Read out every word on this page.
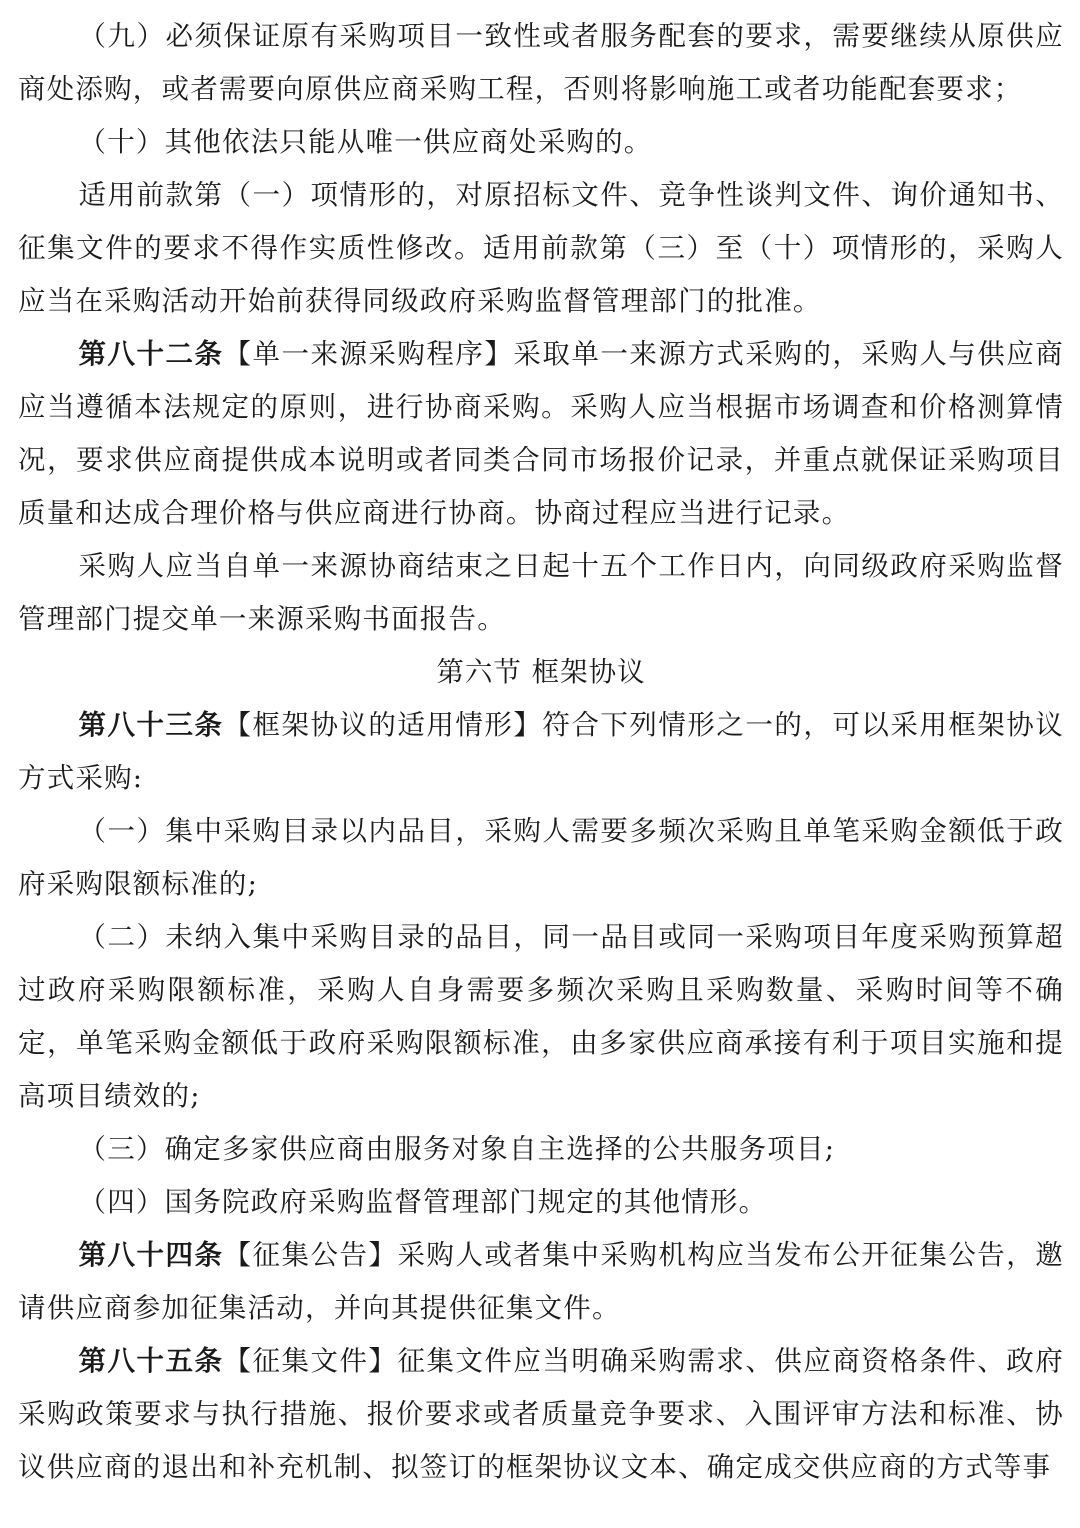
（九）必须保证原有采购项目一致性或者服务配套的要求，需要继续从原供应商处添购，或者需要向原供应商采购工程，否则将影响施工或者功能配套要求；

（十）其他依法只能从唯一供应商处采购的。

适用前款第（一）项情形的，对原招标文件、竞争性谈判文件、询价通知书、征集文件的要求不得作实质性修改。适用前款第（三）至（十）项情形的，采购人应当在采购活动开始前获得同级政府采购监督管理部门的批准。

第八十二条【单一来源采购程序】采取单一来源方式采购的，采购人与供应商应当遵循本法规定的原则，进行协商采购。采购人应当根据市场调查和价格测算情况，要求供应商提供成本说明或者同类合同市场报价记录，并重点就保证采购项目质量和达成合理价格与供应商进行协商。协商过程应当进行记录。

采购人应当自单一来源协商结束之日起十五个工作日内，向同级政府采购监督管理部门提交单一来源采购书面报告。

第六节 框架协议

第八十三条【框架协议的适用情形】符合下列情形之一的，可以采用框架协议方式采购:

（一）集中采购目录以内品目，采购人需要多频次采购且单笔采购金额低于政府采购限额标准的;

（二）未纳入集中采购目录的品目，同一品目或同一采购项目年度采购预算超过政府采购限额标准，采购人自身需要多频次采购且采购数量、采购时间等不确定，单笔采购金额低于政府采购限额标准，由多家供应商承接有利于项目实施和提高项目绩效的;

（三）确定多家供应商由服务对象自主选择的公共服务项目;

（四）国务院政府采购监督管理部门规定的其他情形。

第八十四条【征集公告】采购人或者集中采购机构应当发布公开征集公告，邀请供应商参加征集活动，并向其提供征集文件。

第八十五条【征集文件】征集文件应当明确采购需求、供应商资格条件、政府采购政策要求与执行措施、报价要求或者质量竞争要求、入围评审方法和标准、协议供应商的退出和补充机制、拟签订的框架协议文本、确定成交供应商的方式等事
